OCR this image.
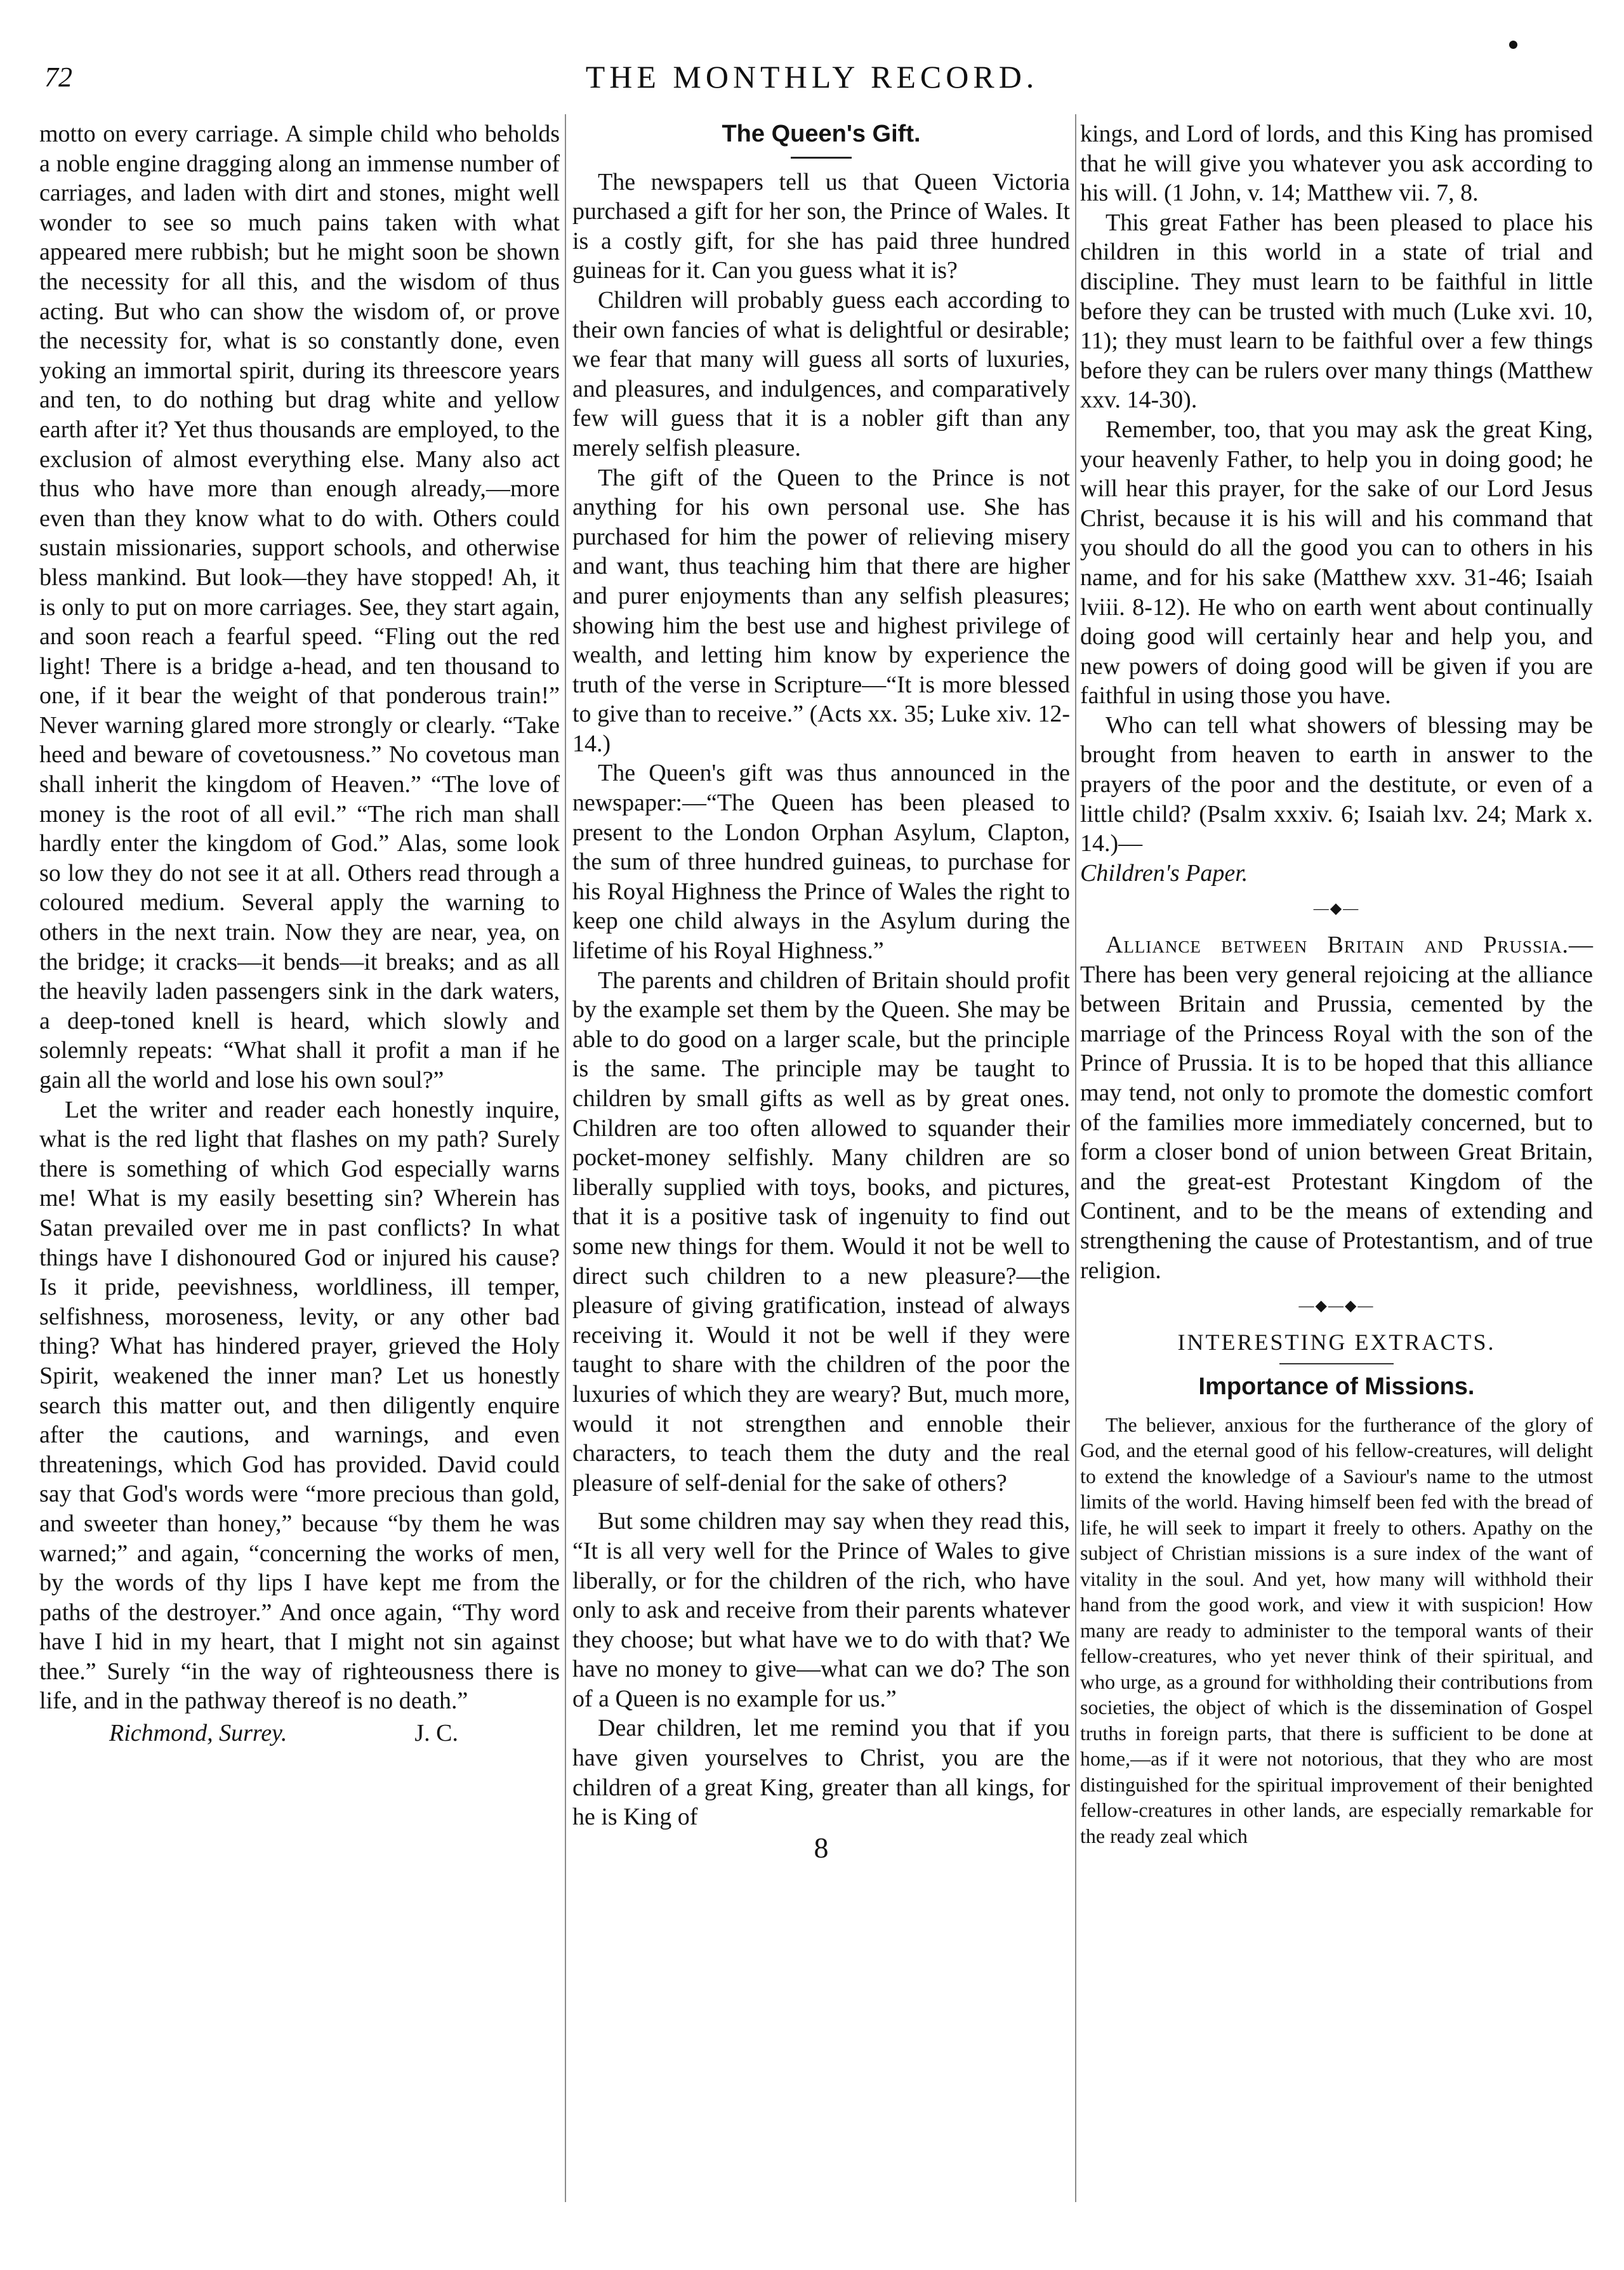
72	THE MONTHLY RECORD.

motto on every carriage. A simple child who beholds a noble engine dragging along an immense number of carriages, and laden with dirt and stones, might well wonder to see so much pains taken with what appeared mere rubbish; but he might soon be shown the necessity for all this, and the wisdom of thus acting. But who can show the wisdom of, or prove the necessity for, what is so constantly done, even yoking an immortal spirit, during its threescore years and ten, to do nothing but drag white and yellow earth after it? Yet thus thousands are employed, to the exclusion of almost everything else. Many also act thus who have more than enough already,—more even than they know what to do with. Others could sustain missionaries, support schools, and otherwise bless mankind. But look—they have stopped! Ah, it is only to put on more carriages. See, they start again, and soon reach a fearful speed. “Fling out the red light! There is a bridge a-head, and ten thousand to one, if it bear the weight of that ponderous train!” Never warning glared more strongly or clearly. “Take heed and beware of covetousness.” No covetous man shall inherit the kingdom of Heaven.” “The love of money is the root of all evil.” “The rich man shall hardly enter the kingdom of God.” Alas, some look so low they do not see it at all. Others read through a coloured medium. Several apply the warning to others in the next train. Now they are near, yea, on the bridge; it cracks—it bends—it breaks; and as all the heavily laden passengers sink in the dark waters, a deep-toned knell is heard, which slowly and solemnly repeats: “What shall it profit a man if he gain all the world and lose his own soul?”

Let the writer and reader each honestly inquire, what is the red light that flashes on my path? Surely there is something of which God especially warns me! What is my easily besetting sin? Wherein has Satan prevailed over me in past conflicts? In what things have I dishonoured God or injured his cause? Is it pride, peevishness, worldliness, ill temper, selfishness, moroseness, levity, or any other bad thing? What has hindered prayer, grieved the Holy Spirit, weakened the inner man? Let us honestly search this matter out, and then diligently enquire after the cautions, and warnings, and even threatenings, which God has provided. David could say that God's words were “more precious than gold, and sweeter than honey,” because “by them he was warned;” and again, “concerning the works of men, by the words of thy lips I have kept me from the paths of the destroyer.” And once again, “Thy word have I hid in my heart, that I might not sin against thee.” Surely “in the way of righteousness there is life, and in the pathway thereof is no death.”

Richmond, Surrey.	J. C.
The Queen's Gift.

The newspapers tell us that Queen Victoria purchased a gift for her son, the Prince of Wales. It is a costly gift, for she has paid three hundred guineas for it. Can you guess what it is?

Children will probably guess each according to their own fancies of what is delightful or desirable; we fear that many will guess all sorts of luxuries, and pleasures, and indulgences, and comparatively few will guess that it is a nobler gift than any merely selfish pleasure.

The gift of the Queen to the Prince is not anything for his own personal use. She has purchased for him the power of relieving misery and want, thus teaching him that there are higher and purer enjoyments than any selfish pleasures; showing him the best use and highest privilege of wealth, and letting him know by experience the truth of the verse in Scripture—“It is more blessed to give than to receive.” (Acts xx. 35; Luke xiv. 12-14.)

The Queen's gift was thus announced in the newspaper:—“The Queen has been pleased to present to the London Orphan Asylum, Clapton, the sum of three hundred guineas, to purchase for his Royal Highness the Prince of Wales the right to keep one child always in the Asylum during the lifetime of his Royal Highness.”

The parents and children of Britain should profit by the example set them by the Queen. She may be able to do good on a larger scale, but the principle is the same. The principle may be taught to children by small gifts as well as by great ones. Children are too often allowed to squander their pocket-money selfishly. Many children are so liberally supplied with toys, books, and pictures, that it is a positive task of ingenuity to find out some new things for them. Would it not be well to direct such children to a new pleasure?—the pleasure of giving gratification, instead of always receiving it. Would it not be well if they were taught to share with the children of the poor the luxuries of which they are weary? But, much more, would it not strengthen and ennoble their characters, to teach them the duty and the real pleasure of self-denial for the sake of others?

But some children may say when they read this, “It is all very well for the Prince of Wales to give liberally, or for the children of the rich, who have only to ask and receive from their parents whatever they choose; but what have we to do with that? We have no money to give—what can we do? The son of a Queen is no example for us.”

Dear children, let me remind you that if you have given yourselves to Christ, you are the children of a great King, greater than all kings, for he is King of

8

kings, and Lord of lords, and this King has promised that he will give you whatever you ask according to his will. (1 John, v. 14; Matthew vii. 7, 8.

This great Father has been pleased to place his children in this world in a state of trial and discipline. They must learn to be faithful in little before they can be trusted with much (Luke xvi. 10, 11); they must learn to be faithful over a few things before they can be rulers over many things (Matthew xxv. 14-30).

Remember, too, that you may ask the great King, your heavenly Father, to help you in doing good; he will hear this prayer, for the sake of our Lord Jesus Christ, because it is his will and his command that you should do all the good you can to others in his name, and for his sake (Matthew xxv. 31-46; Isaiah lviii. 8-12). He who on earth went about continually doing good will certainly hear and help you, and new powers of doing good will be given if you are faithful in using those you have.

Who can tell what showers of blessing may be brought from heaven to earth in answer to the prayers of the poor and the destitute, or even of a little child? (Psalm xxxiv. 6; Isaiah lxv. 24; Mark x. 14.)—

Children's Paper.

—◆—

Alliance between Britain and Prussia.—There has been very general rejoicing at the alliance between Britain and Prussia, cemented by the marriage of the Princess Royal with the son of the Prince of Prussia. It is to be hoped that this alliance may tend, not only to promote the domestic comfort of the families more immediately concerned, but to form a closer bond of union between Great Britain, and the great-est Protestant Kingdom of the Continent, and to be the means of extending and strengthening the cause of Protestantism, and of true religion.

—◆—◆—
INTERESTING EXTRACTS.
Importance of Missions.

The believer, anxious for the furtherance of the glory of God, and the eternal good of his fellow-creatures, will delight to extend the knowledge of a Saviour's name to the utmost limits of the world. Having himself been fed with the bread of life, he will seek to impart it freely to others. Apathy on the subject of Christian missions is a sure index of the want of vitality in the soul. And yet, how many will withhold their hand from the good work, and view it with suspicion! How many are ready to administer to the temporal wants of their fellow-creatures, who yet never think of their spiritual, and who urge, as a ground for withholding their contributions from societies, the object of which is the dissemination of Gospel truths in foreign parts, that there is sufficient to be done at home,—as if it were not notorious, that they who are most distinguished for the spiritual improvement of their benighted fellow-creatures in other lands, are especially remarkable for the ready zeal which
